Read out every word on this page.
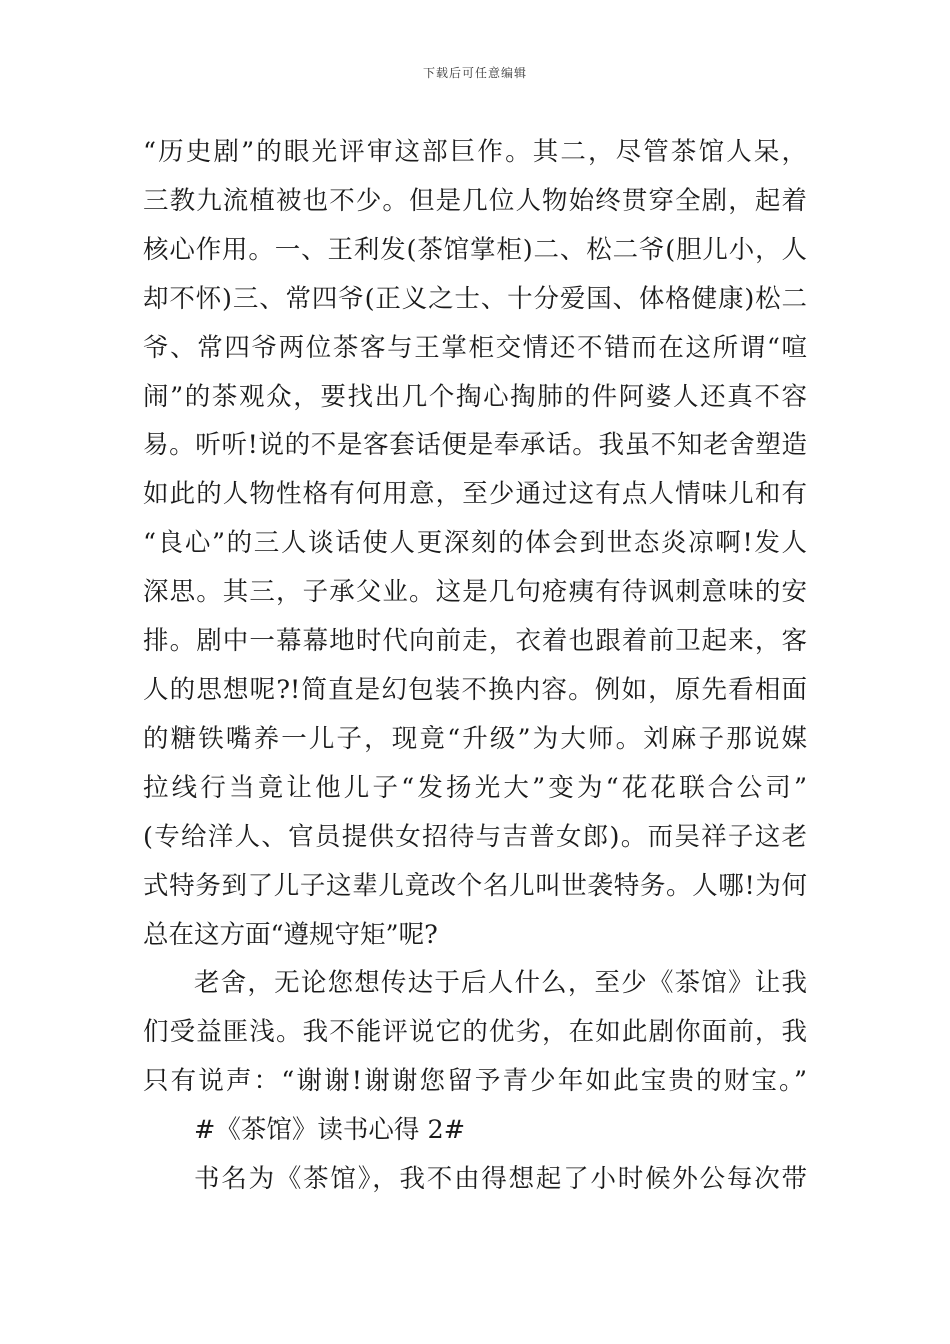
下载后可任意编辑

“历史剧”的眼光评审这部巨作。其二，尽管茶馆人呆，
三教九流植被也不少。但是几位人物始终贯穿全剧，起着
核心作用。一、王利发(茶馆掌柜)二、松二爷(胆儿小，人
却不怀)三、常四爷(正义之士、十分爱国、体格健康)松二
爷、常四爷两位茶客与王掌柜交情还不错而在这所谓“喧
闹”的茶观众，要找出几个掏心掏肺的件阿婆人还真不容
易。听听!说的不是客套话便是奉承话。我虽不知老舍塑造
如此的人物性格有何用意，至少通过这有点人情味儿和有
“良心”的三人谈话使人更深刻的体会到世态炎凉啊!发人
深思。其三，子承父业。这是几句疮痍有待讽刺意味的安
排。剧中一幕幕地时代向前走，衣着也跟着前卫起来，客
人的思想呢?!简直是幻包装不换内容。例如，原先看相面
的糖铁嘴养一儿子，现竟“升级”为大师。刘麻子那说媒
拉线行当竟让他儿子“发扬光大”变为“花花联合公司”
(专给洋人、官员提供女招待与吉普女郎)。而吴祥子这老
式特务到了儿子这辈儿竟改个名儿叫世袭特务。人哪!为何
总在这方面“遵规守矩”呢?

老舍，无论您想传达于后人什么，至少《茶馆》让我
们受益匪浅。我不能评说它的优劣，在如此剧你面前，我
只有说声：“谢谢!谢谢您留予青少年如此宝贵的财宝。”

#《茶馆》读书心得 2#

书名为《茶馆》，我不由得想起了小时候外公每次带
